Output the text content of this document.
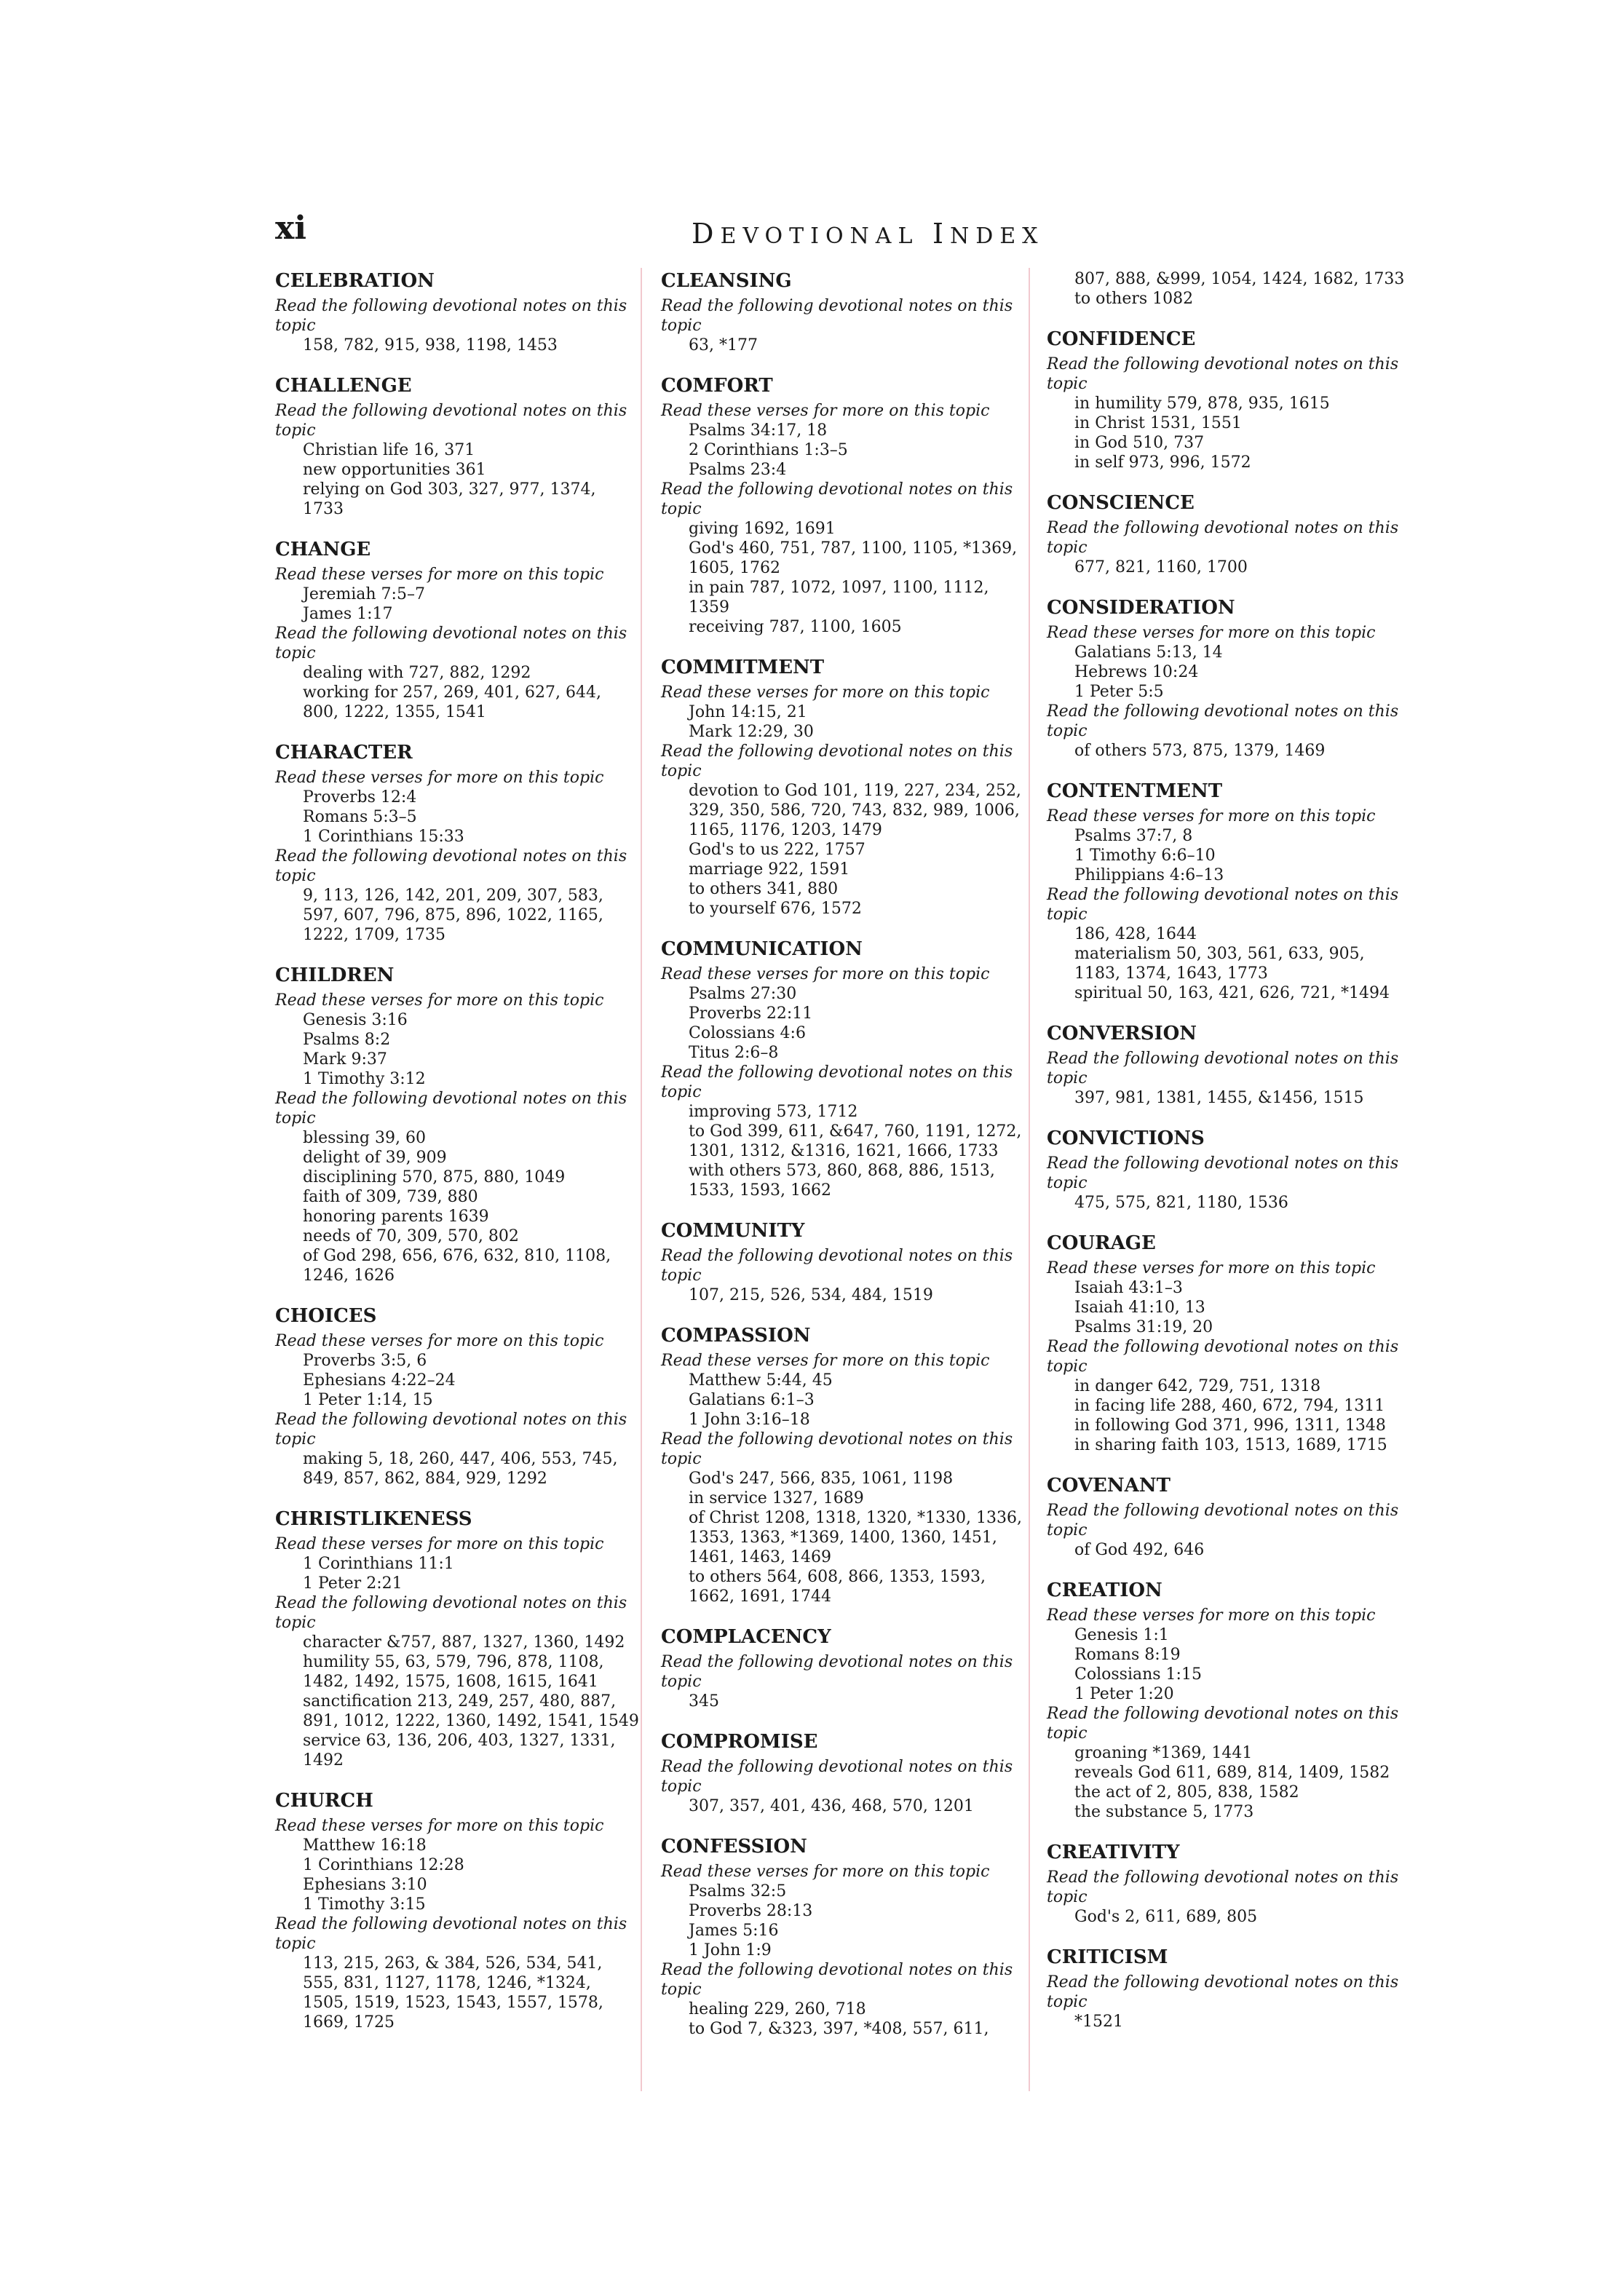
xi	DEVOTIONAL INDEX
CELEBRATION
Read the following devotional notes on this topic
158, 782, 915, 938, 1198, 1453
CHALLENGE
Read the following devotional notes on this topic
Christian life 16, 371
new opportunities 361
relying on God 303, 327, 977, 1374, 1733
CHANGE
Read these verses for more on this topic
Jeremiah 7:5–7
James 1:17
Read the following devotional notes on this topic
dealing with 727, 882, 1292
working for 257, 269, 401, 627, 644, 800, 1222, 1355, 1541
CHARACTER
Read these verses for more on this topic
Proverbs 12:4
Romans 5:3–5
1 Corinthians 15:33
Read the following devotional notes on this topic
9, 113, 126, 142, 201, 209, 307, 583, 597, 607, 796, 875, 896, 1022, 1165, 1222, 1709, 1735
CHILDREN
Read these verses for more on this topic
Genesis 3:16
Psalms 8:2
Mark 9:37
1 Timothy 3:12
Read the following devotional notes on this topic
blessing 39, 60
delight of 39, 909
disciplining 570, 875, 880, 1049
faith of 309, 739, 880
honoring parents 1639
needs of 70, 309, 570, 802
of God 298, 656, 676, 632, 810, 1108, 1246, 1626
CHOICES
Read these verses for more on this topic
Proverbs 3:5, 6
Ephesians 4:22–24
1 Peter 1:14, 15
Read the following devotional notes on this topic
making 5, 18, 260, 447, 406, 553, 745, 849, 857, 862, 884, 929, 1292
CHRISTLIKENESS
Read these verses for more on this topic
1 Corinthians 11:1
1 Peter 2:21
Read the following devotional notes on this topic
character &757, 887, 1327, 1360, 1492
humility 55, 63, 579, 796, 878, 1108, 1482, 1492, 1575, 1608, 1615, 1641
sanctification 213, 249, 257, 480, 887, 891, 1012, 1222, 1360, 1492, 1541, 1549
service 63, 136, 206, 403, 1327, 1331, 1492
CHURCH
Read these verses for more on this topic
Matthew 16:18
1 Corinthians 12:28
Ephesians 3:10
1 Timothy 3:15
Read the following devotional notes on this topic
113, 215, 263, & 384, 526, 534, 541, 555, 831, 1127, 1178, 1246, *1324, 1505, 1519, 1523, 1543, 1557, 1578, 1669, 1725
CLEANSING
Read the following devotional notes on this topic
63, *177
COMFORT
Read these verses for more on this topic
Psalms 34:17, 18
2 Corinthians 1:3–5
Psalms 23:4
Read the following devotional notes on this topic
giving 1692, 1691
God's 460, 751, 787, 1100, 1105, *1369, 1605, 1762
in pain 787, 1072, 1097, 1100, 1112, 1359
receiving 787, 1100, 1605
COMMITMENT
Read these verses for more on this topic
John 14:15, 21
Mark 12:29, 30
Read the following devotional notes on this topic
devotion to God 101, 119, 227, 234, 252, 329, 350, 586, 720, 743, 832, 989, 1006, 1165, 1176, 1203, 1479
God's to us 222, 1757
marriage 922, 1591
to others 341, 880
to yourself 676, 1572
COMMUNICATION
Read these verses for more on this topic
Psalms 27:30
Proverbs 22:11
Colossians 4:6
Titus 2:6–8
Read the following devotional notes on this topic
improving 573, 1712
to God 399, 611, &647, 760, 1191, 1272, 1301, 1312, &1316, 1621, 1666, 1733
with others 573, 860, 868, 886, 1513, 1533, 1593, 1662
COMMUNITY
Read the following devotional notes on this topic
107, 215, 526, 534, 484, 1519
COMPASSION
Read these verses for more on this topic
Matthew 5:44, 45
Galatians 6:1–3
1 John 3:16–18
Read the following devotional notes on this topic
God's 247, 566, 835, 1061, 1198
in service 1327, 1689
of Christ 1208, 1318, 1320, *1330, 1336, 1353, 1363, *1369, 1400, 1360, 1451, 1461, 1463, 1469
to others 564, 608, 866, 1353, 1593, 1662, 1691, 1744
COMPLACENCY
Read the following devotional notes on this topic
345
COMPROMISE
Read the following devotional notes on this topic
307, 357, 401, 436, 468, 570, 1201
CONFESSION
Read these verses for more on this topic
Psalms 32:5
Proverbs 28:13
James 5:16
1 John 1:9
Read the following devotional notes on this topic
healing 229, 260, 718
to God 7, &323, 397, *408, 557, 611,
807, 888, &999, 1054, 1424, 1682, 1733
to others 1082
CONFIDENCE
Read the following devotional notes on this topic
in humility 579, 878, 935, 1615
in Christ 1531, 1551
in God 510, 737
in self 973, 996, 1572
CONSCIENCE
Read the following devotional notes on this topic
677, 821, 1160, 1700
CONSIDERATION
Read these verses for more on this topic
Galatians 5:13, 14
Hebrews 10:24
1 Peter 5:5
Read the following devotional notes on this topic
of others 573, 875, 1379, 1469
CONTENTMENT
Read these verses for more on this topic
Psalms 37:7, 8
1 Timothy 6:6–10
Philippians 4:6–13
Read the following devotional notes on this topic
186, 428, 1644
materialism 50, 303, 561, 633, 905, 1183, 1374, 1643, 1773
spiritual 50, 163, 421, 626, 721, *1494
CONVERSION
Read the following devotional notes on this topic
397, 981, 1381, 1455, &1456, 1515
CONVICTIONS
Read the following devotional notes on this topic
475, 575, 821, 1180, 1536
COURAGE
Read these verses for more on this topic
Isaiah 43:1–3
Isaiah 41:10, 13
Psalms 31:19, 20
Read the following devotional notes on this topic
in danger 642, 729, 751, 1318
in facing life 288, 460, 672, 794, 1311
in following God 371, 996, 1311, 1348
in sharing faith 103, 1513, 1689, 1715
COVENANT
Read the following devotional notes on this topic
of God 492, 646
CREATION
Read these verses for more on this topic
Genesis 1:1
Romans 8:19
Colossians 1:15
1 Peter 1:20
Read the following devotional notes on this topic
groaning *1369, 1441
reveals God 611, 689, 814, 1409, 1582
the act of 2, 805, 838, 1582
the substance 5, 1773
CREATIVITY
Read the following devotional notes on this topic
God's 2, 611, 689, 805
CRITICISM
Read the following devotional notes on this topic
*1521
